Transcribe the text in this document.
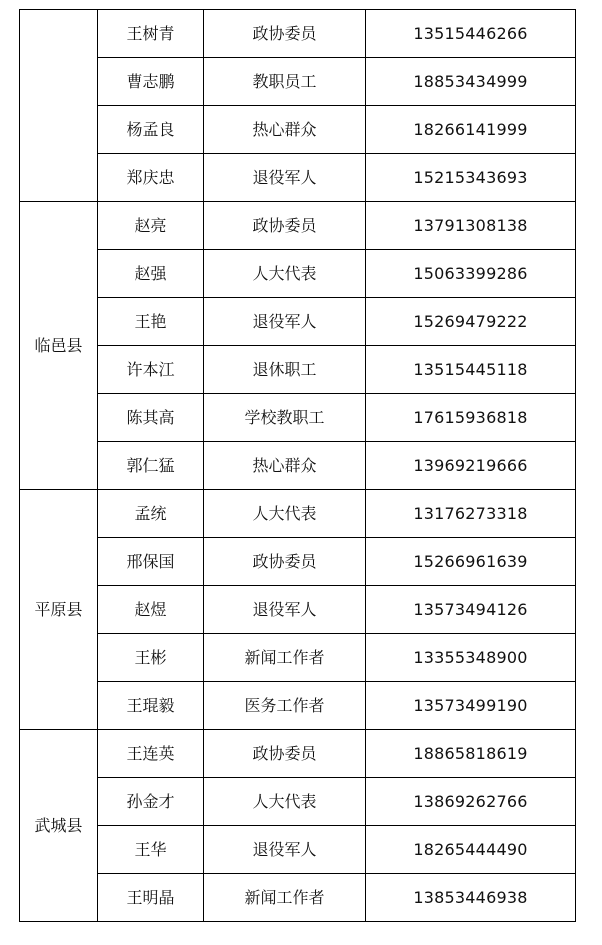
	王树青	政协委员	13515446266
	曹志鹏	教职员工	18853434999
	杨孟良	热心群众	18266141999
	郑庆忠	退役军人	15215343693
临邑县	赵亮	政协委员	13791308138
	赵强	人大代表	15063399286
	王艳	退役军人	15269479222
	许本江	退休职工	13515445118
	陈其高	学校教职工	17615936818
	郭仁猛	热心群众	13969219666
平原县	孟统	人大代表	13176273318
	邢保国	政协委员	15266961639
	赵煜	退役军人	13573494126
	王彬	新闻工作者	13355348900
	王琨毅	医务工作者	13573499190
武城县	王连英	政协委员	18865818619
	孙金才	人大代表	13869262766
	王华	退役军人	18265444490
	王明晶	新闻工作者	13853446938
